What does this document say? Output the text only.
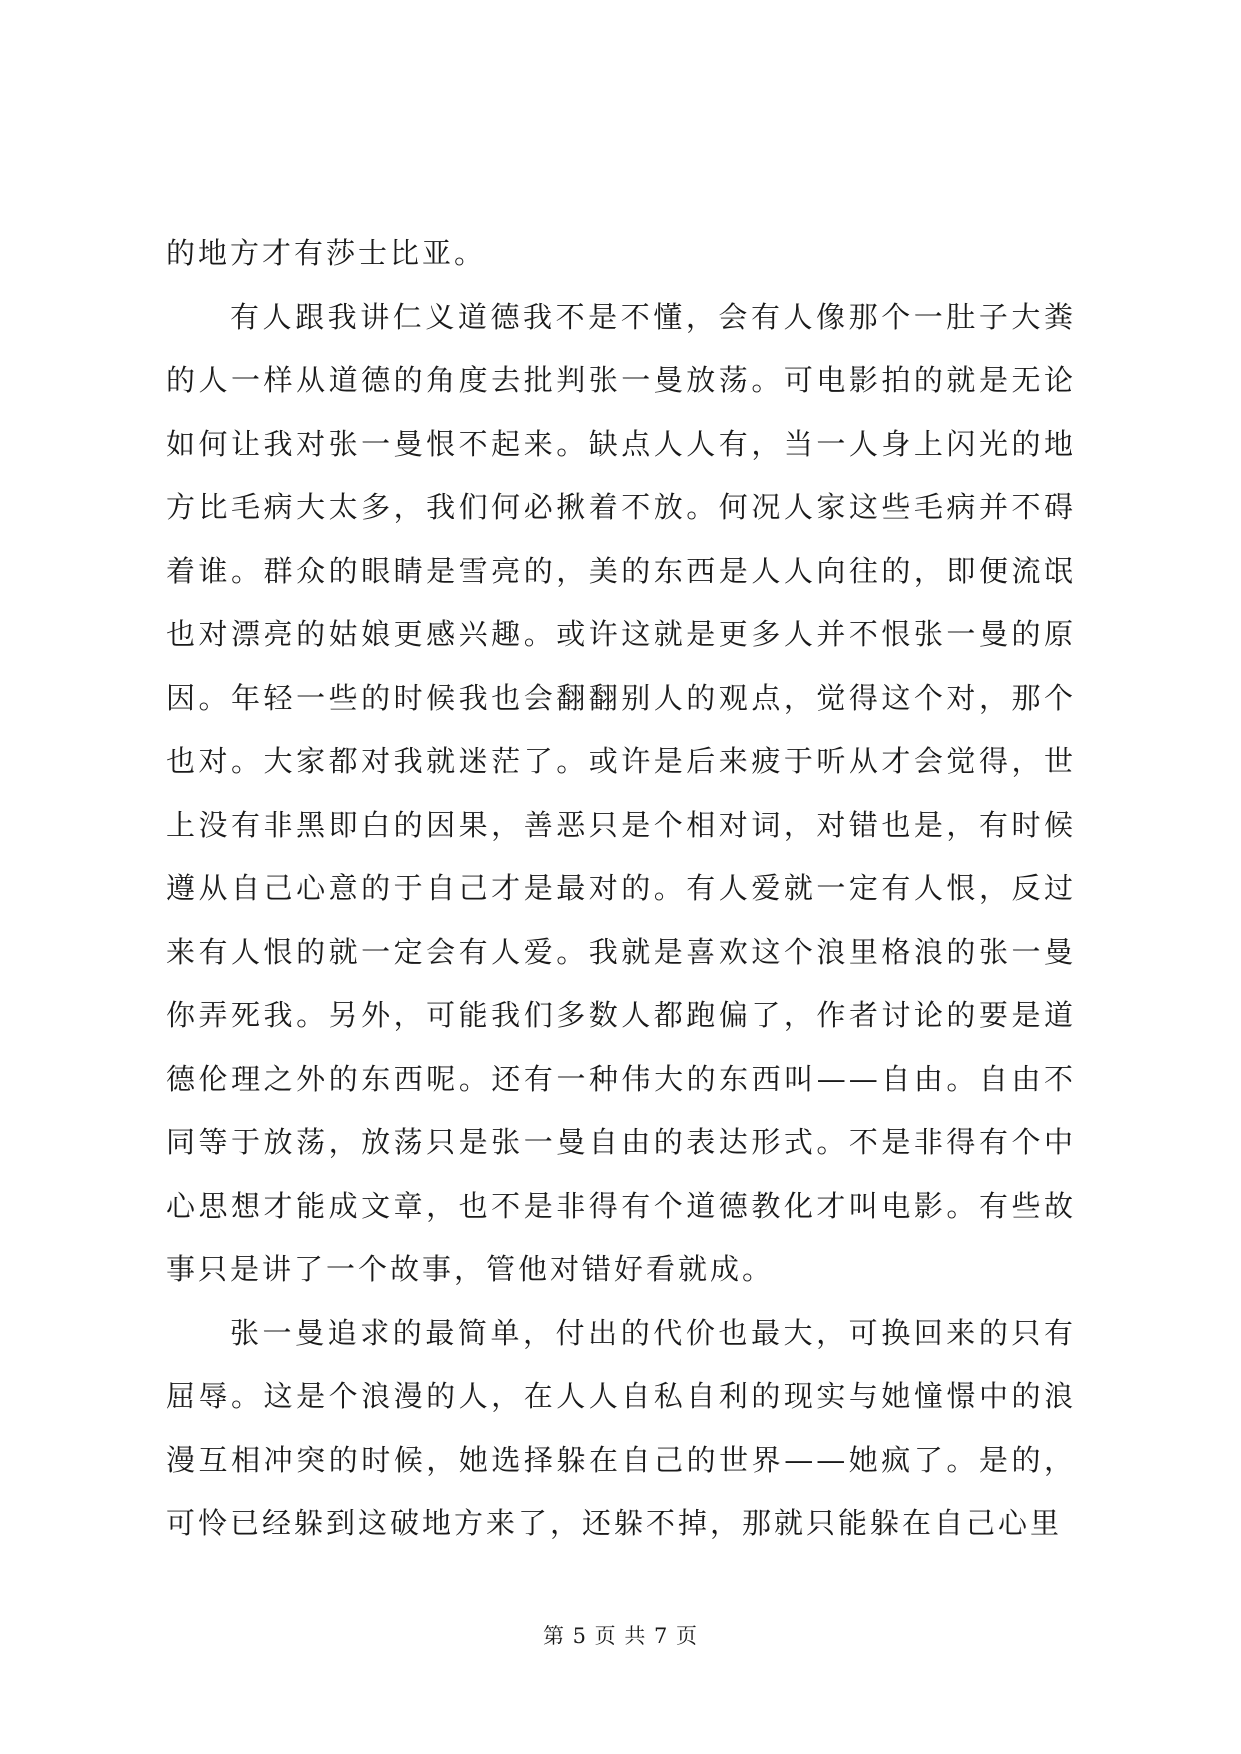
的地方才有莎士比亚。

有人跟我讲仁义道德我不是不懂，会有人像那个一肚子大粪的人一样从道德的角度去批判张一曼放荡。可电影拍的就是无论如何让我对张一曼恨不起来。缺点人人有，当一人身上闪光的地方比毛病大太多，我们何必揪着不放。何况人家这些毛病并不碍着谁。群众的眼睛是雪亮的，美的东西是人人向往的，即便流氓也对漂亮的姑娘更感兴趣。或许这就是更多人并不恨张一曼的原因。年轻一些的时候我也会翻翻别人的观点，觉得这个对，那个也对。大家都对我就迷茫了。或许是后来疲于听从才会觉得，世上没有非黑即白的因果，善恶只是个相对词，对错也是，有时候遵从自己心意的于自己才是最对的。有人爱就一定有人恨，反过来有人恨的就一定会有人爱。我就是喜欢这个浪里格浪的张一曼你弄死我。另外，可能我们多数人都跑偏了，作者讨论的要是道德伦理之外的东西呢。还有一种伟大的东西叫——自由。自由不同等于放荡，放荡只是张一曼自由的表达形式。不是非得有个中心思想才能成文章，也不是非得有个道德教化才叫电影。有些故事只是讲了一个故事，管他对错好看就成。

张一曼追求的最简单，付出的代价也最大，可换回来的只有屈辱。这是个浪漫的人，在人人自私自利的现实与她憧憬中的浪漫互相冲突的时候，她选择躲在自己的世界——她疯了。是的，可怜已经躲到这破地方来了，还躲不掉，那就只能躲在自己心里

第 5 页 共 7 页
